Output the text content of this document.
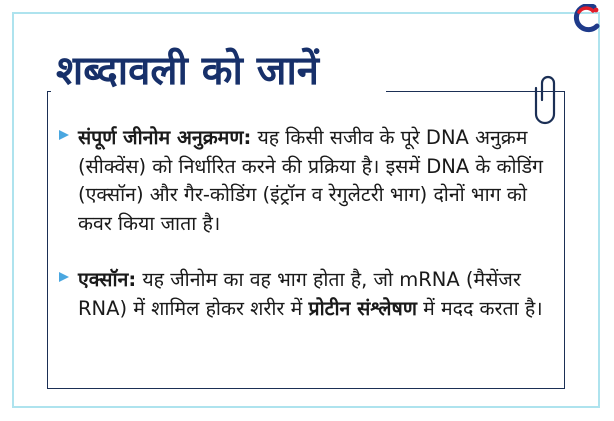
शब्दावली को जानें

संपूर्ण जीनोम अनुक्रमण: यह किसी सजीव के पूरे DNA अनुक्रम (सीक्वेंस) को निर्धारित करने की प्रक्रिया है। इसमें DNA के कोडिंग (एक्सॉन) और गैर-कोडिंग (इंट्रॉन व रेगुलेटरी भाग) दोनों भाग को कवर किया जाता है।

एक्सॉन: यह जीनोम का वह भाग होता है, जो mRNA (मैसेंजर RNA) में शामिल होकर शरीर में प्रोटीन संश्लेषण में मदद करता है।
